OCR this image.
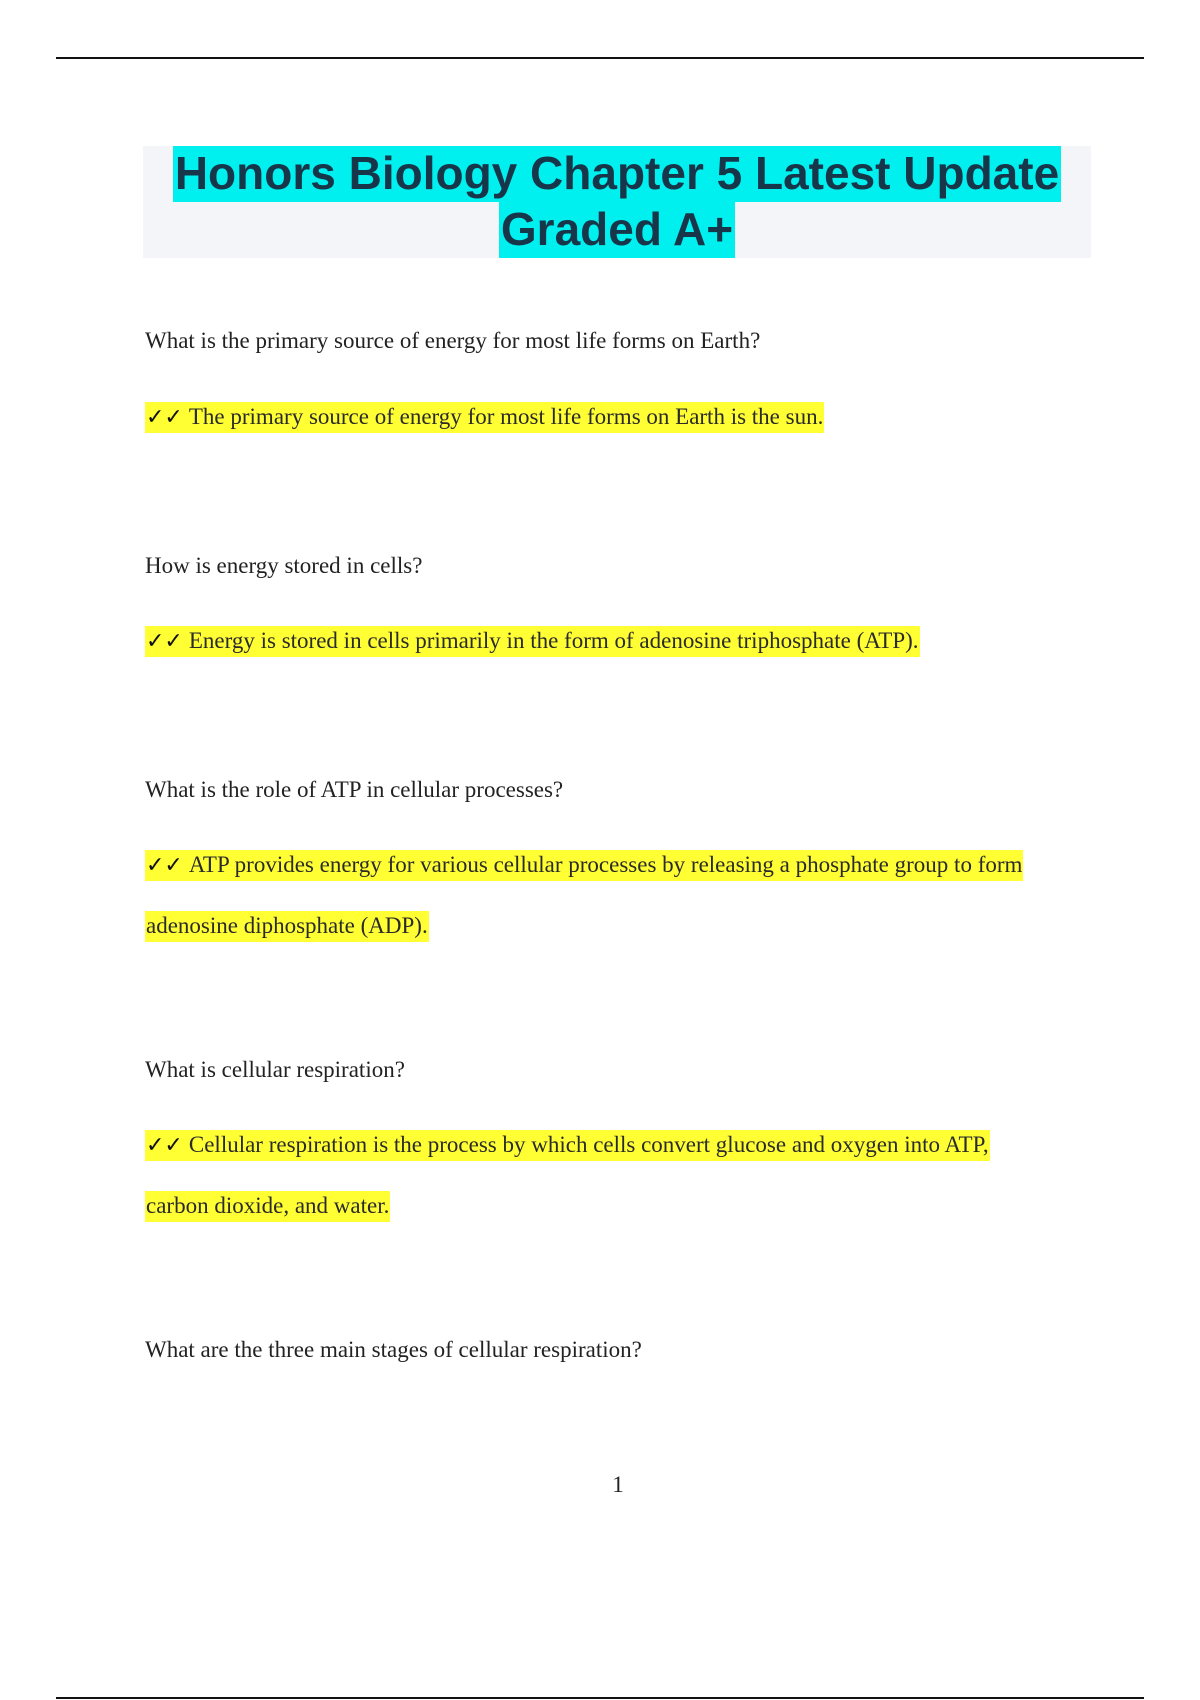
Honors Biology Chapter 5 Latest Update
Graded A+
What is the primary source of energy for most life forms on Earth?
✓✓ The primary source of energy for most life forms on Earth is the sun.
How is energy stored in cells?
✓✓ Energy is stored in cells primarily in the form of adenosine triphosphate (ATP).
What is the role of ATP in cellular processes?
✓✓ ATP provides energy for various cellular processes by releasing a phosphate group to form
adenosine diphosphate (ADP).
What is cellular respiration?
✓✓ Cellular respiration is the process by which cells convert glucose and oxygen into ATP,
carbon dioxide, and water.
What are the three main stages of cellular respiration?
1
